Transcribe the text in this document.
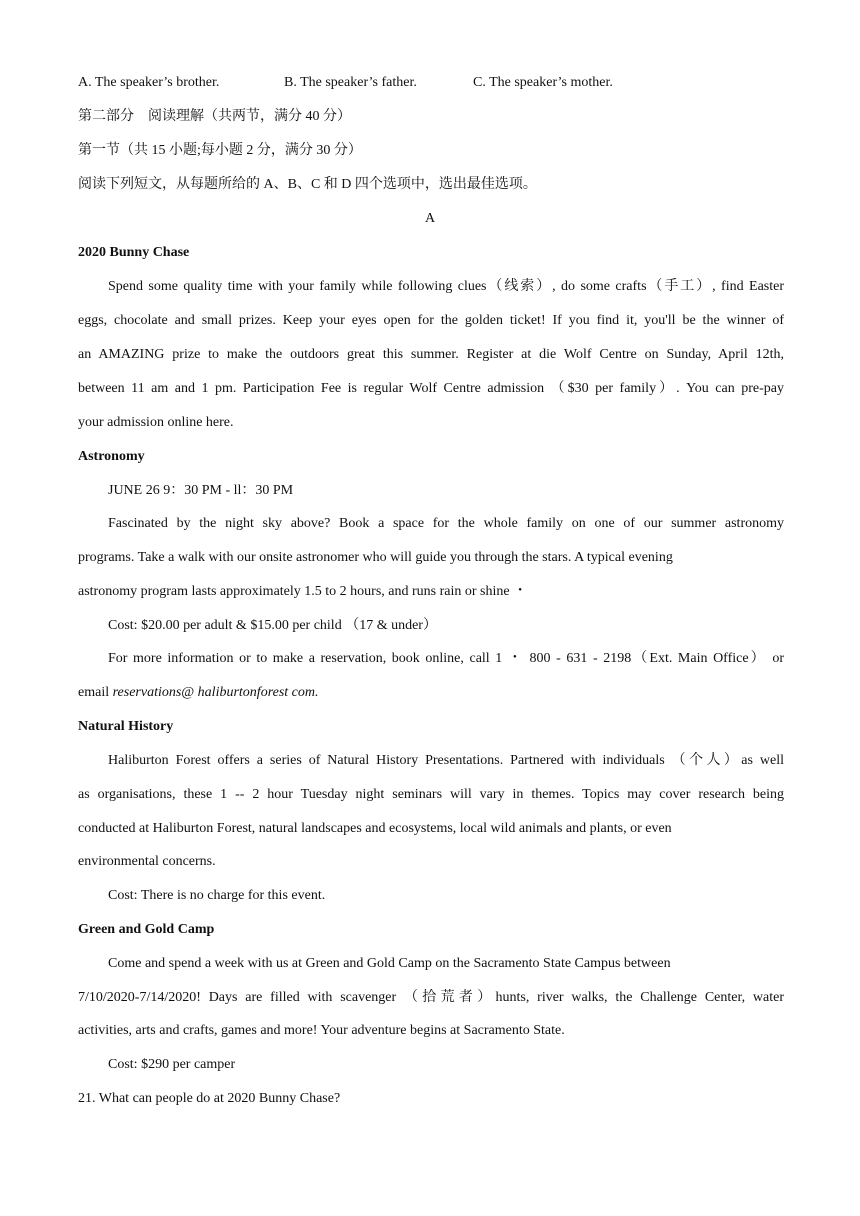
A. The speaker’s brother.	B. The speaker’s father.	C. The speaker’s mother.
第二部分　阅读理解（共两节，满分 40 分）
第一节（共 15 小题;每小题 2 分，满分 30 分）
阅读下列短文，从每题所给的 A、B、C 和 D 四个选项中，选出最佳选项。
A
2020 Bunny Chase
Spend some quality time with your family while following clues（线索）, do some crafts（手工）, find Easter
eggs, chocolate and small prizes. Keep your eyes open for the golden ticket! If you find it, you'll be the winner of
an AMAZING prize to make the outdoors great this summer. Register at die Wolf Centre on Sunday, April 12th,
between 11 am and 1 pm. Participation Fee is regular Wolf Centre admission （$30 per family）. You can pre-pay
your admission online here.
Astronomy
JUNE 26 9：30 PM - ll：30 PM
Fascinated by the night sky above? Book a space for the whole family on one of our summer astronomy
programs. Take a walk with our onsite astronomer who will guide you through the stars. A typical evening
astronomy program lasts approximately 1.5 to 2 hours, and runs rain or shine ・
Cost: $20.00 per adult & $15.00 per child （17 & under）
For more information or to make a reservation, book online, call 1 ・ 800 - 631 - 2198（Ext. Main Office） or
email reservations@ haliburtonforest com.
Natural History
Haliburton Forest offers a series of Natural History Presentations. Partnered with individuals （个人）as well
as organisations, these 1 -- 2 hour Tuesday night seminars will vary in themes. Topics may cover research being
conducted at Haliburton Forest, natural landscapes and ecosystems, local wild animals and plants, or even
environmental concerns.
Cost: There is no charge for this event.
Green and Gold Camp
Come and spend a week with us at Green and Gold Camp on the Sacramento State Campus between
7/10/2020-7/14/2020! Days are filled with scavenger （拾荒者）hunts, river walks, the Challenge Center, water
activities, arts and crafts, games and more! Your adventure begins at Sacramento State.
Cost: $290 per camper
21. What can people do at 2020 Bunny Chase?
